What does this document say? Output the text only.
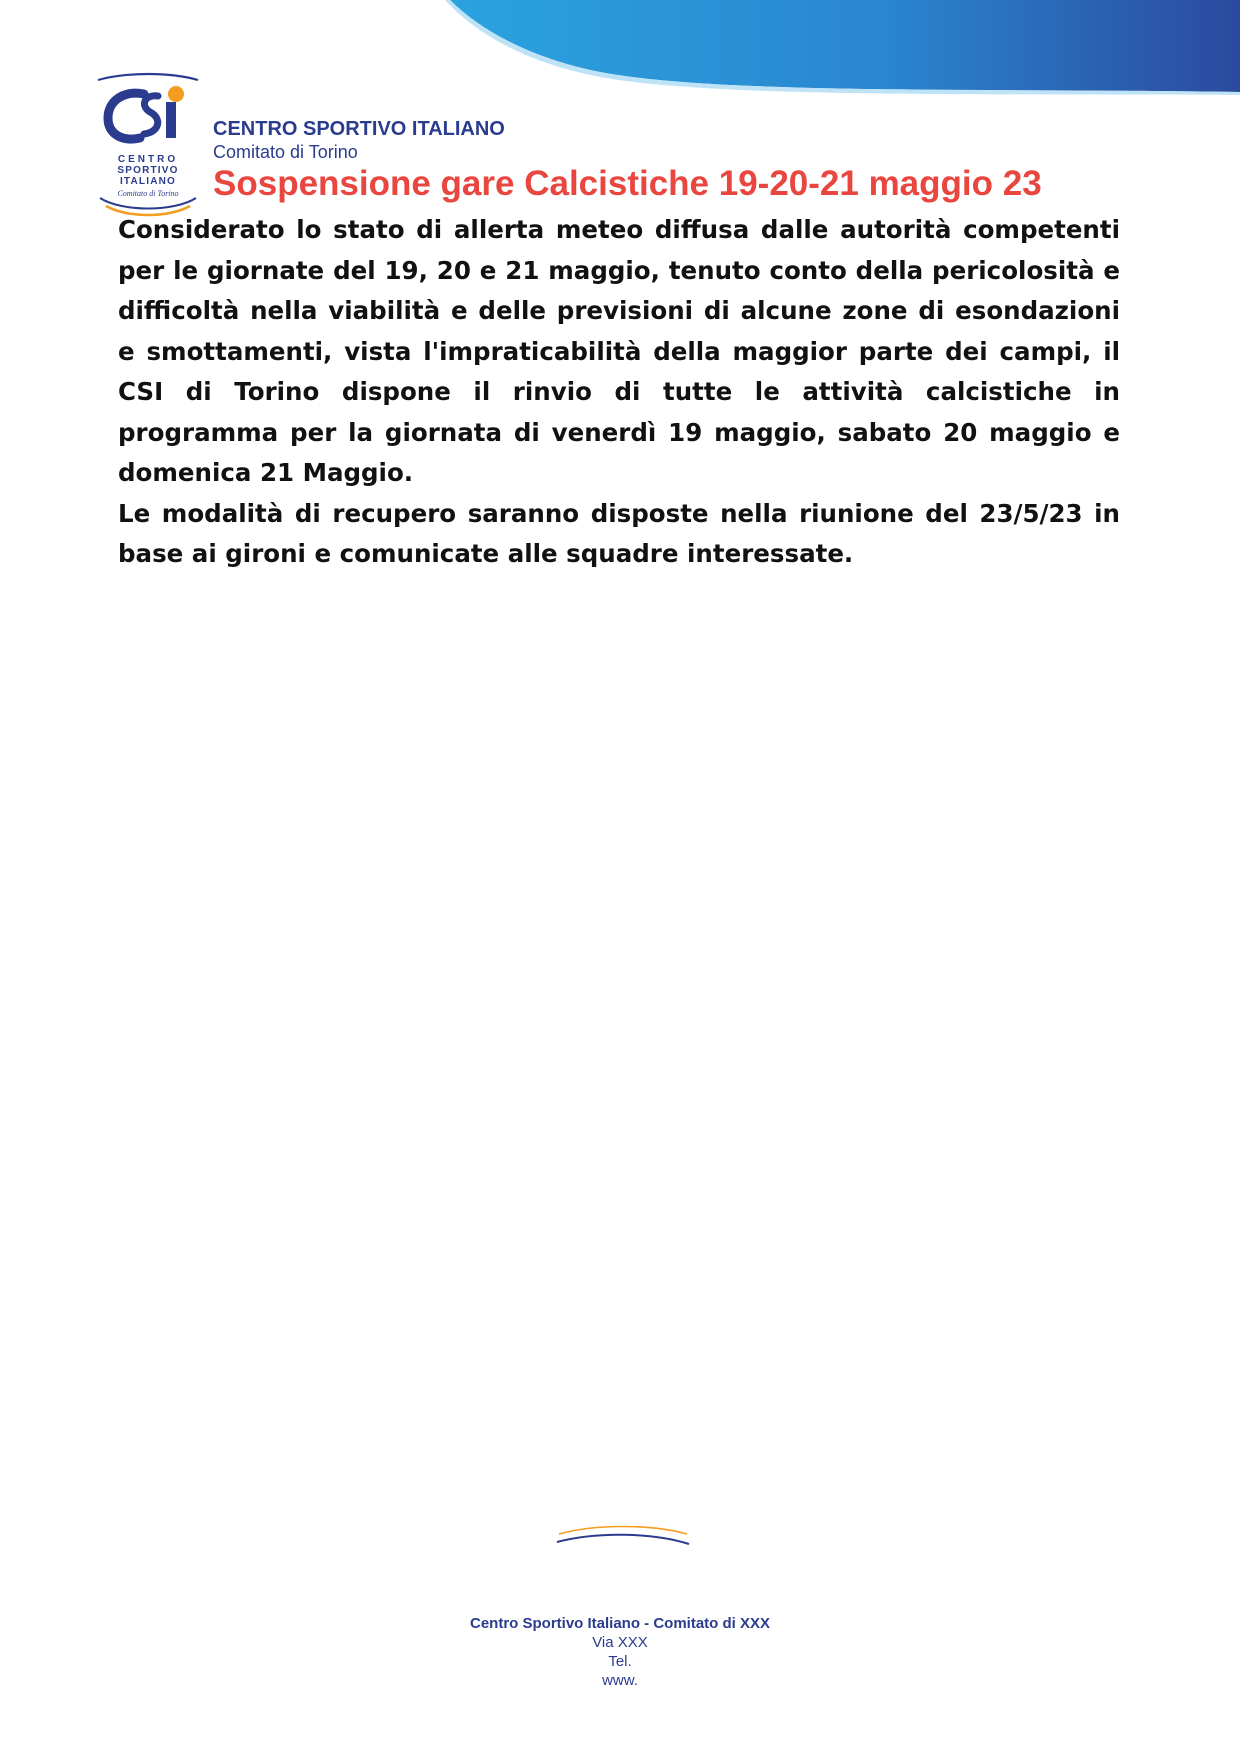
CENTRO
SPORTIVO
ITALIANO
Comitato di Torino
CENTRO SPORTIVO ITALIANO
Comitato di Torino
Sospensione gare Calcistiche 19-20-21 maggio 23

Considerato lo stato di allerta meteo diffusa dalle autorità competenti per le giornate del 19, 20 e 21 maggio, tenuto conto della pericolosità e difficoltà nella viabilità e delle previsioni di alcune zone di esondazioni e smottamenti, vista l'impraticabilità della maggior parte dei campi, il CSI di Torino dispone il rinvio di tutte le attività calcistiche in programma per la giornata di venerdì 19 maggio, sabato 20 maggio e domenica 21 Maggio.

Le modalità di recupero saranno disposte nella riunione del 23/5/23 in base ai gironi e comunicate alle squadre interessate.

Centro Sportivo Italiano - Comitato di XXX
Via XXX
Tel.
www.
